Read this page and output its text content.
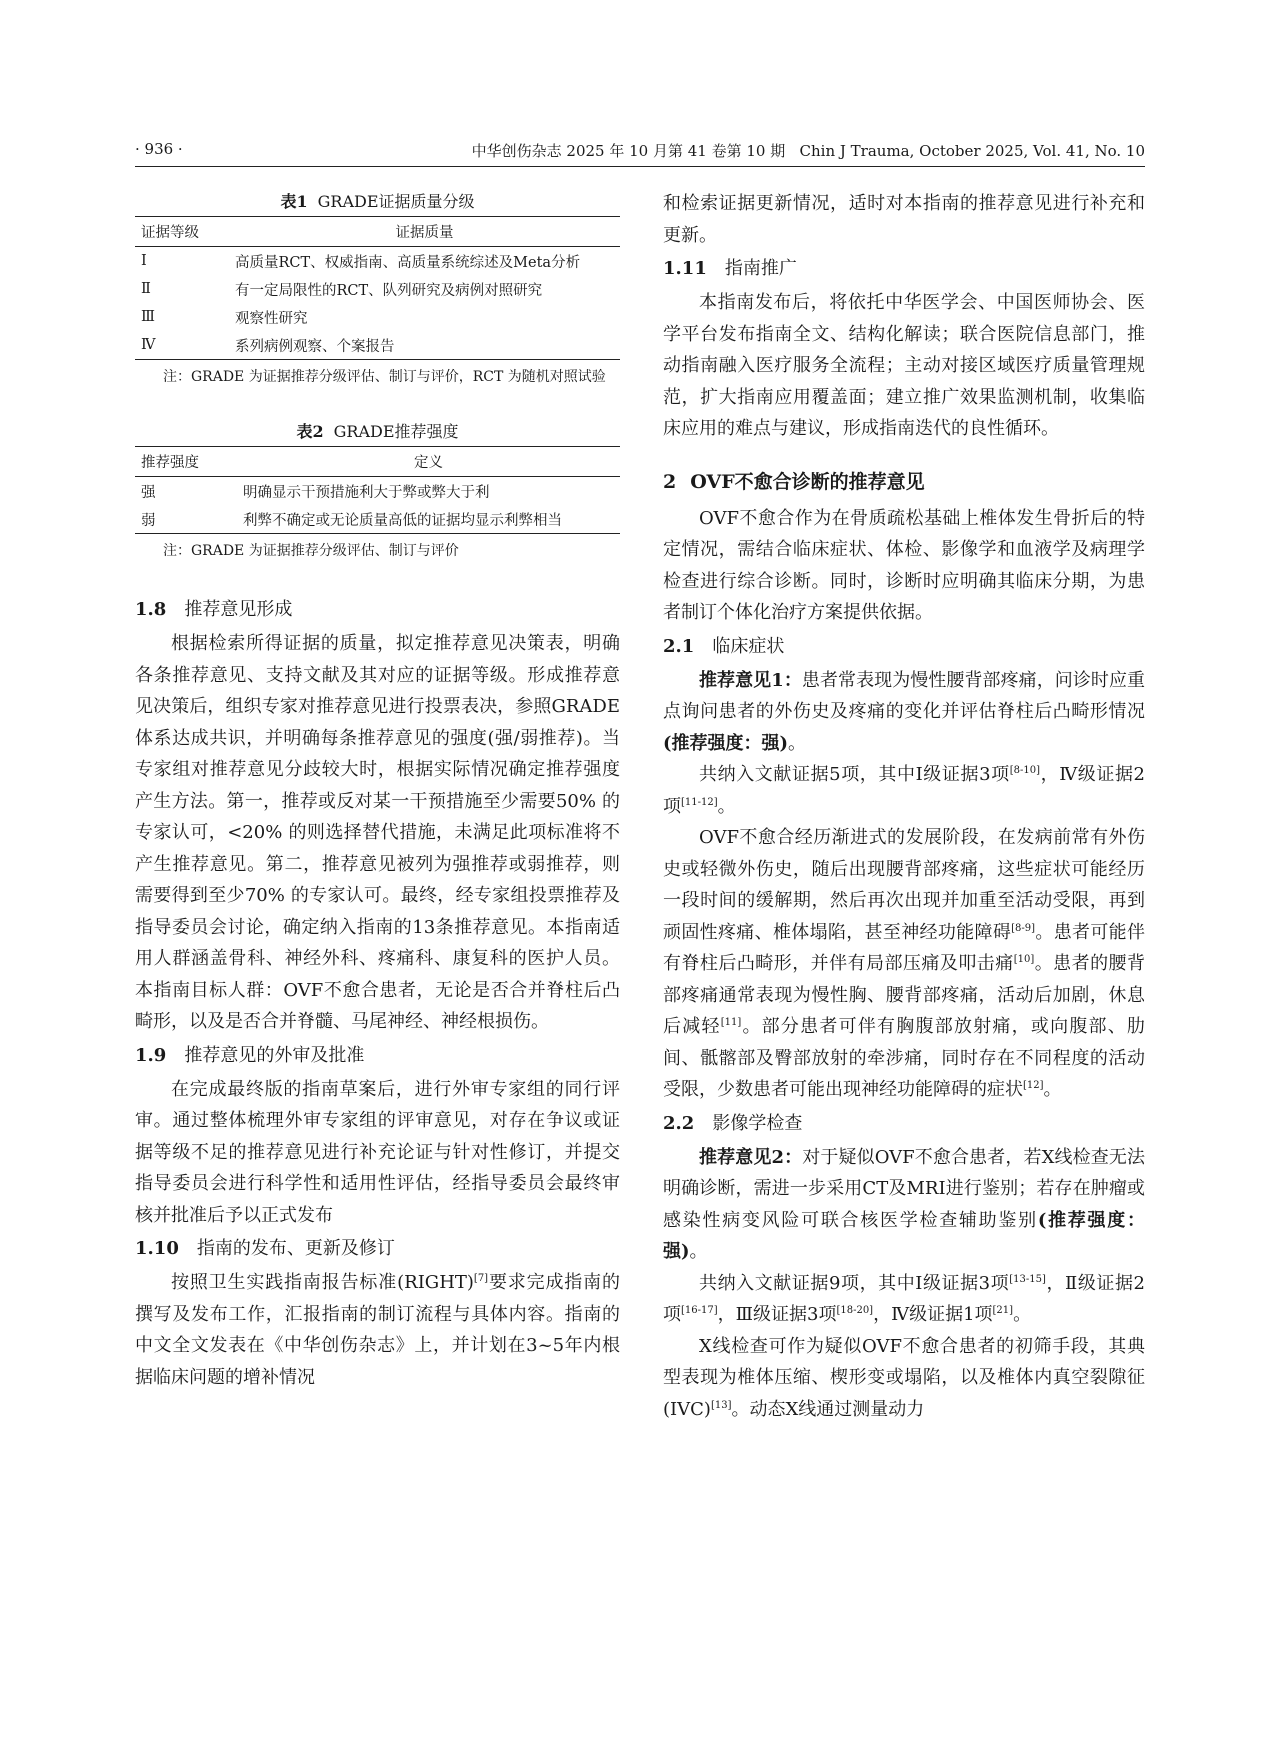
· 936 ·	中华创伤杂志 2025 年 10 月第 41 卷第 10 期   Chin J Trauma, October 2025, Vol. 41, No. 10
表1 GRADE证据质量分级
证据等级	证据质量
Ⅰ	高质量RCT、权威指南、高质量系统综述及Meta分析
Ⅱ	有一定局限性的RCT、队列研究及病例对照研究
Ⅲ	观察性研究
Ⅳ	系列病例观察、个案报告
注：GRADE 为证据推荐分级评估、制订与评价，RCT 为随机对照试验
表2 GRADE推荐强度
推荐强度	定义
强	明确显示干预措施利大于弊或弊大于利
弱	利弊不确定或无论质量高低的证据均显示利弊相当
注：GRADE 为证据推荐分级评估、制订与评价
1.8 推荐意见形成

根据检索所得证据的质量，拟定推荐意见决策表，明确各条推荐意见、支持文献及其对应的证据等级。形成推荐意见决策后，组织专家对推荐意见进行投票表决，参照GRADE体系达成共识，并明确每条推荐意见的强度(强/弱推荐)。当专家组对推荐意见分歧较大时，根据实际情况确定推荐强度产生方法。第一，推荐或反对某一干预措施至少需要50% 的专家认可，<20% 的则选择替代措施，未满足此项标准将不产生推荐意见。第二，推荐意见被列为强推荐或弱推荐，则需要得到至少70% 的专家认可。最终，经专家组投票推荐及指导委员会讨论，确定纳入指南的13条推荐意见。本指南适用人群涵盖骨科、神经外科、疼痛科、康复科的医护人员。本指南目标人群：OVF不愈合患者，无论是否合并脊柱后凸畸形，以及是否合并脊髓、马尾神经、神经根损伤。

1.9 推荐意见的外审及批准

在完成最终版的指南草案后，进行外审专家组的同行评审。通过整体梳理外审专家组的评审意见，对存在争议或证据等级不足的推荐意见进行补充论证与针对性修订，并提交指导委员会进行科学性和适用性评估，经指导委员会最终审核并批准后予以正式发布

1.10 指南的发布、更新及修订

按照卫生实践指南报告标准(RIGHT)[7]要求完成指南的撰写及发布工作，汇报指南的制订流程与具体内容。指南的中文全文发表在《中华创伤杂志》上，并计划在3~5年内根据临床问题的增补情况

和检索证据更新情况，适时对本指南的推荐意见进行补充和更新。

1.11 指南推广

本指南发布后，将依托中华医学会、中国医师协会、医学平台发布指南全文、结构化解读；联合医院信息部门，推动指南融入医疗服务全流程；主动对接区域医疗质量管理规范，扩大指南应用覆盖面；建立推广效果监测机制，收集临床应用的难点与建议，形成指南迭代的良性循环。

2 OVF不愈合诊断的推荐意见

OVF不愈合作为在骨质疏松基础上椎体发生骨折后的特定情况，需结合临床症状、体检、影像学和血液学及病理学检查进行综合诊断。同时，诊断时应明确其临床分期，为患者制订个体化治疗方案提供依据。

2.1 临床症状

推荐意见1：患者常表现为慢性腰背部疼痛，问诊时应重点询问患者的外伤史及疼痛的变化并评估脊柱后凸畸形情况(推荐强度：强)。

共纳入文献证据5项，其中Ⅰ级证据3项[8-10]，Ⅳ级证据2项[11-12]。

OVF不愈合经历渐进式的发展阶段，在发病前常有外伤史或轻微外伤史，随后出现腰背部疼痛，这些症状可能经历一段时间的缓解期，然后再次出现并加重至活动受限，再到顽固性疼痛、椎体塌陷，甚至神经功能障碍[8-9]。患者可能伴有脊柱后凸畸形，并伴有局部压痛及叩击痛[10]。患者的腰背部疼痛通常表现为慢性胸、腰背部疼痛，活动后加剧，休息后减轻[11]。部分患者可伴有胸腹部放射痛，或向腹部、肋间、骶髂部及臀部放射的牵涉痛，同时存在不同程度的活动受限，少数患者可能出现神经功能障碍的症状[12]。

2.2 影像学检查

推荐意见2：对于疑似OVF不愈合患者，若X线检查无法明确诊断，需进一步采用CT及MRI进行鉴别；若存在肿瘤或感染性病变风险可联合核医学检查辅助鉴别(推荐强度：强)。

共纳入文献证据9项，其中Ⅰ级证据3项[13-15]，Ⅱ级证据2项[16-17]，Ⅲ级证据3项[18-20]，Ⅳ级证据1项[21]。

X线检查可作为疑似OVF不愈合患者的初筛手段，其典型表现为椎体压缩、楔形变或塌陷，以及椎体内真空裂隙征(IVC)[13]。动态X线通过测量动力
